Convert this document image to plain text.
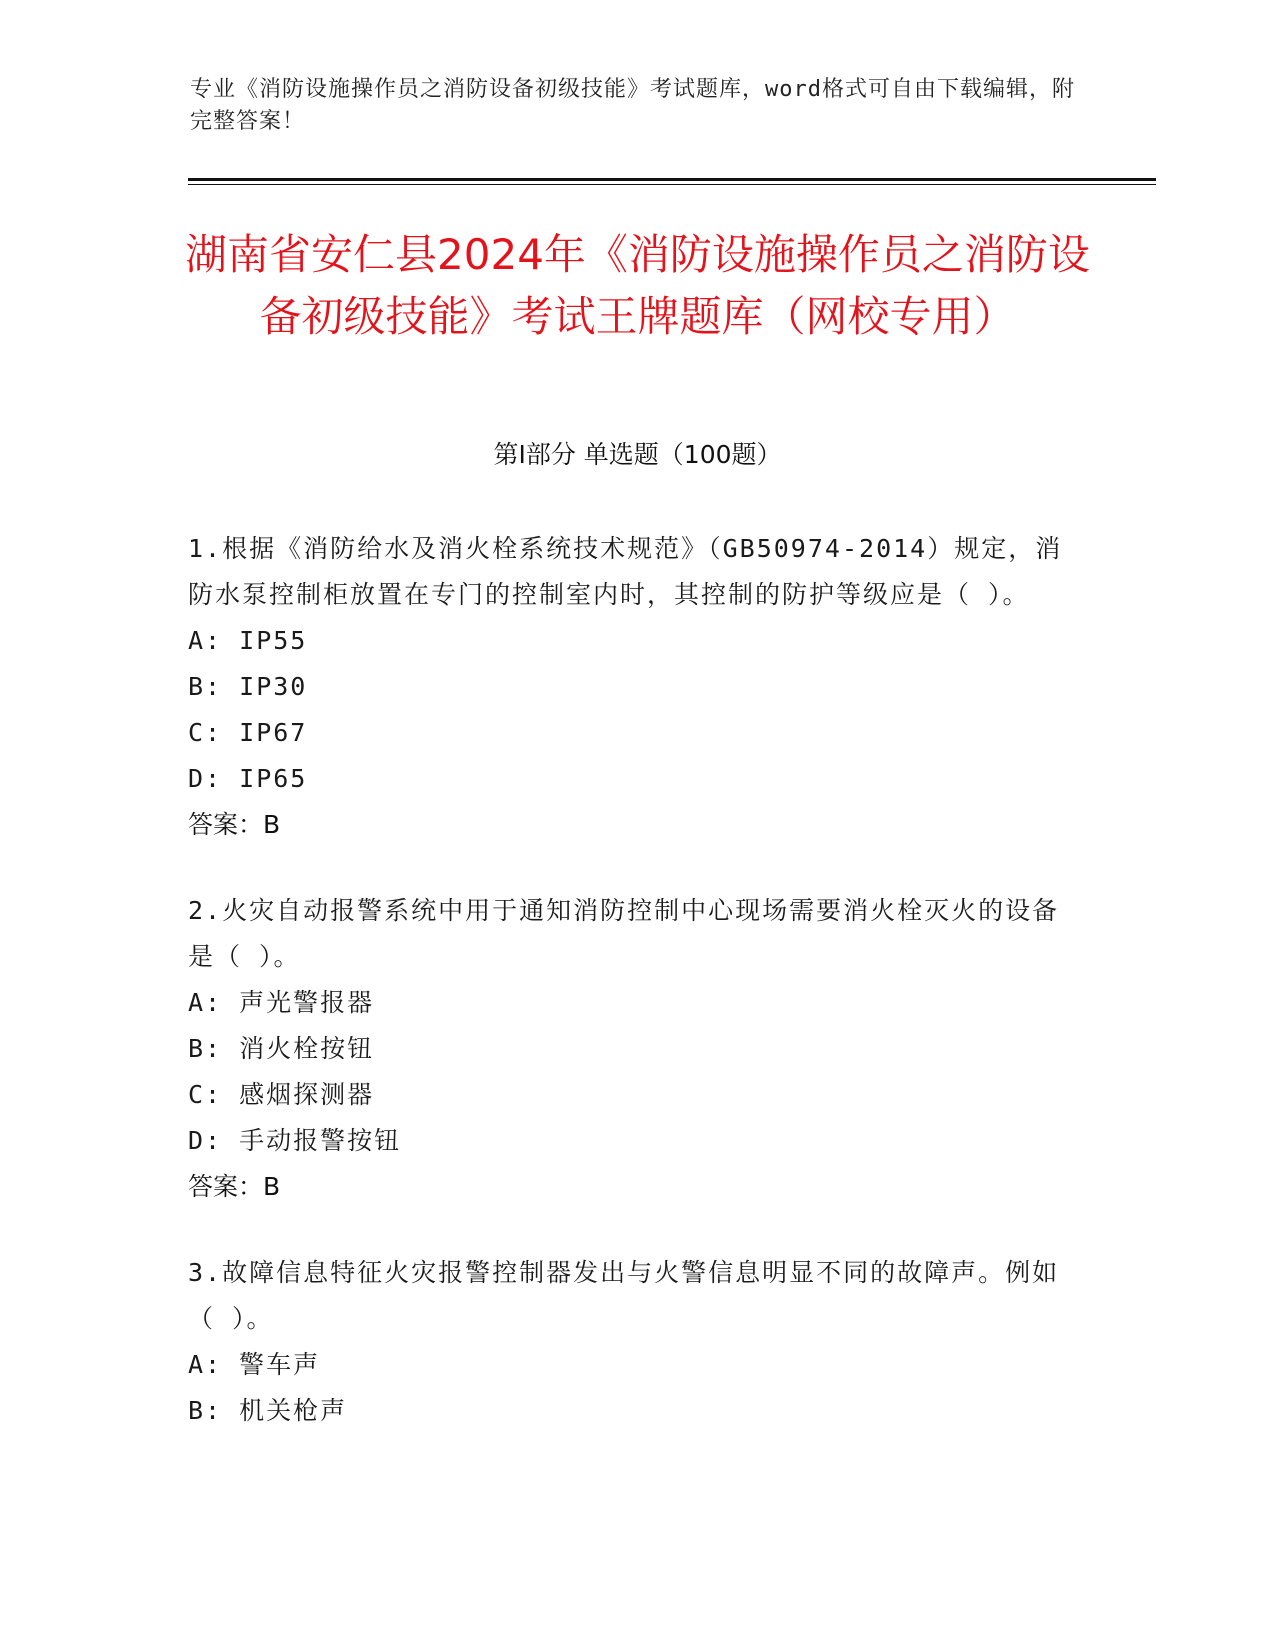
专业《消防设施操作员之消防设备初级技能》考试题库，word格式可自由下载编辑，附完整答案！
湖南省安仁县2024年《消防设施操作员之消防设备初级技能》考试王牌题库（网校专用）
第Ⅰ部分 单选题（100题）
1.根据《消防给水及消火栓系统技术规范》（GB50974-2014）规定，消防水泵控制柜放置在专门的控制室内时，其控制的防护等级应是（ ）。
A: IP55
B: IP30
C: IP67
D: IP65
答案：B
2.火灾自动报警系统中用于通知消防控制中心现场需要消火栓灭火的设备是（ ）。
A: 声光警报器
B: 消火栓按钮
C: 感烟探测器
D: 手动报警按钮
答案：B
3.故障信息特征火灾报警控制器发出与火警信息明显不同的故障声。例如（ ）。
A: 警车声
B: 机关枪声
